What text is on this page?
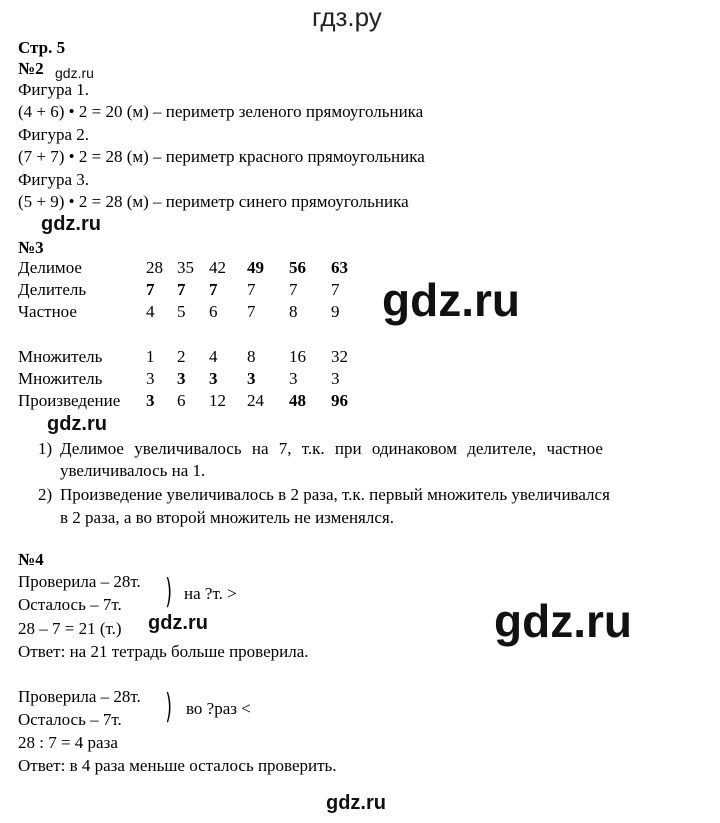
гдз.ру
Стр. 5
№2 gdz.ru
Фигура 1.
(4 + 6) • 2 = 20 (м) – периметр зеленого прямоугольника
Фигура 2.
(7 + 7) • 2 = 28 (м) – периметр красного прямоугольника
Фигура 3.
(5 + 9) • 2 = 28 (м) – периметр синего прямоугольника
gdz.ru
№3
Делимое	28	35	42	49	56	63
Делитель	7	7	7	7	7	7
Частное	4	5	6	7	8	9 gdz.ru
Множитель	1	2	4	8	16	32
Множитель	3	3	3	3	3	3
Произведение	3	6	12	24	48	96
gdz.ru
1) Делимое увеличивалось на 7, т.к. при одинаковом делителе, частное
увеличивалось на 1.
2) Произведение увеличивалось в 2 раза, т.к. первый множитель увеличивался
в 2 раза, а во второй множитель не изменялся.
№4
Проверила – 28т.
Осталось – 7т. ) на ?т. >
28 – 7 = 21 (т.) gdz.ru
Ответ: на 21 тетрадь больше проверила.
gdz.ru
Проверила – 28т.
Осталось – 7т. ) во ?раз <
28 : 7 = 4 раза
Ответ: в 4 раза меньше осталось проверить.
gdz.ru
